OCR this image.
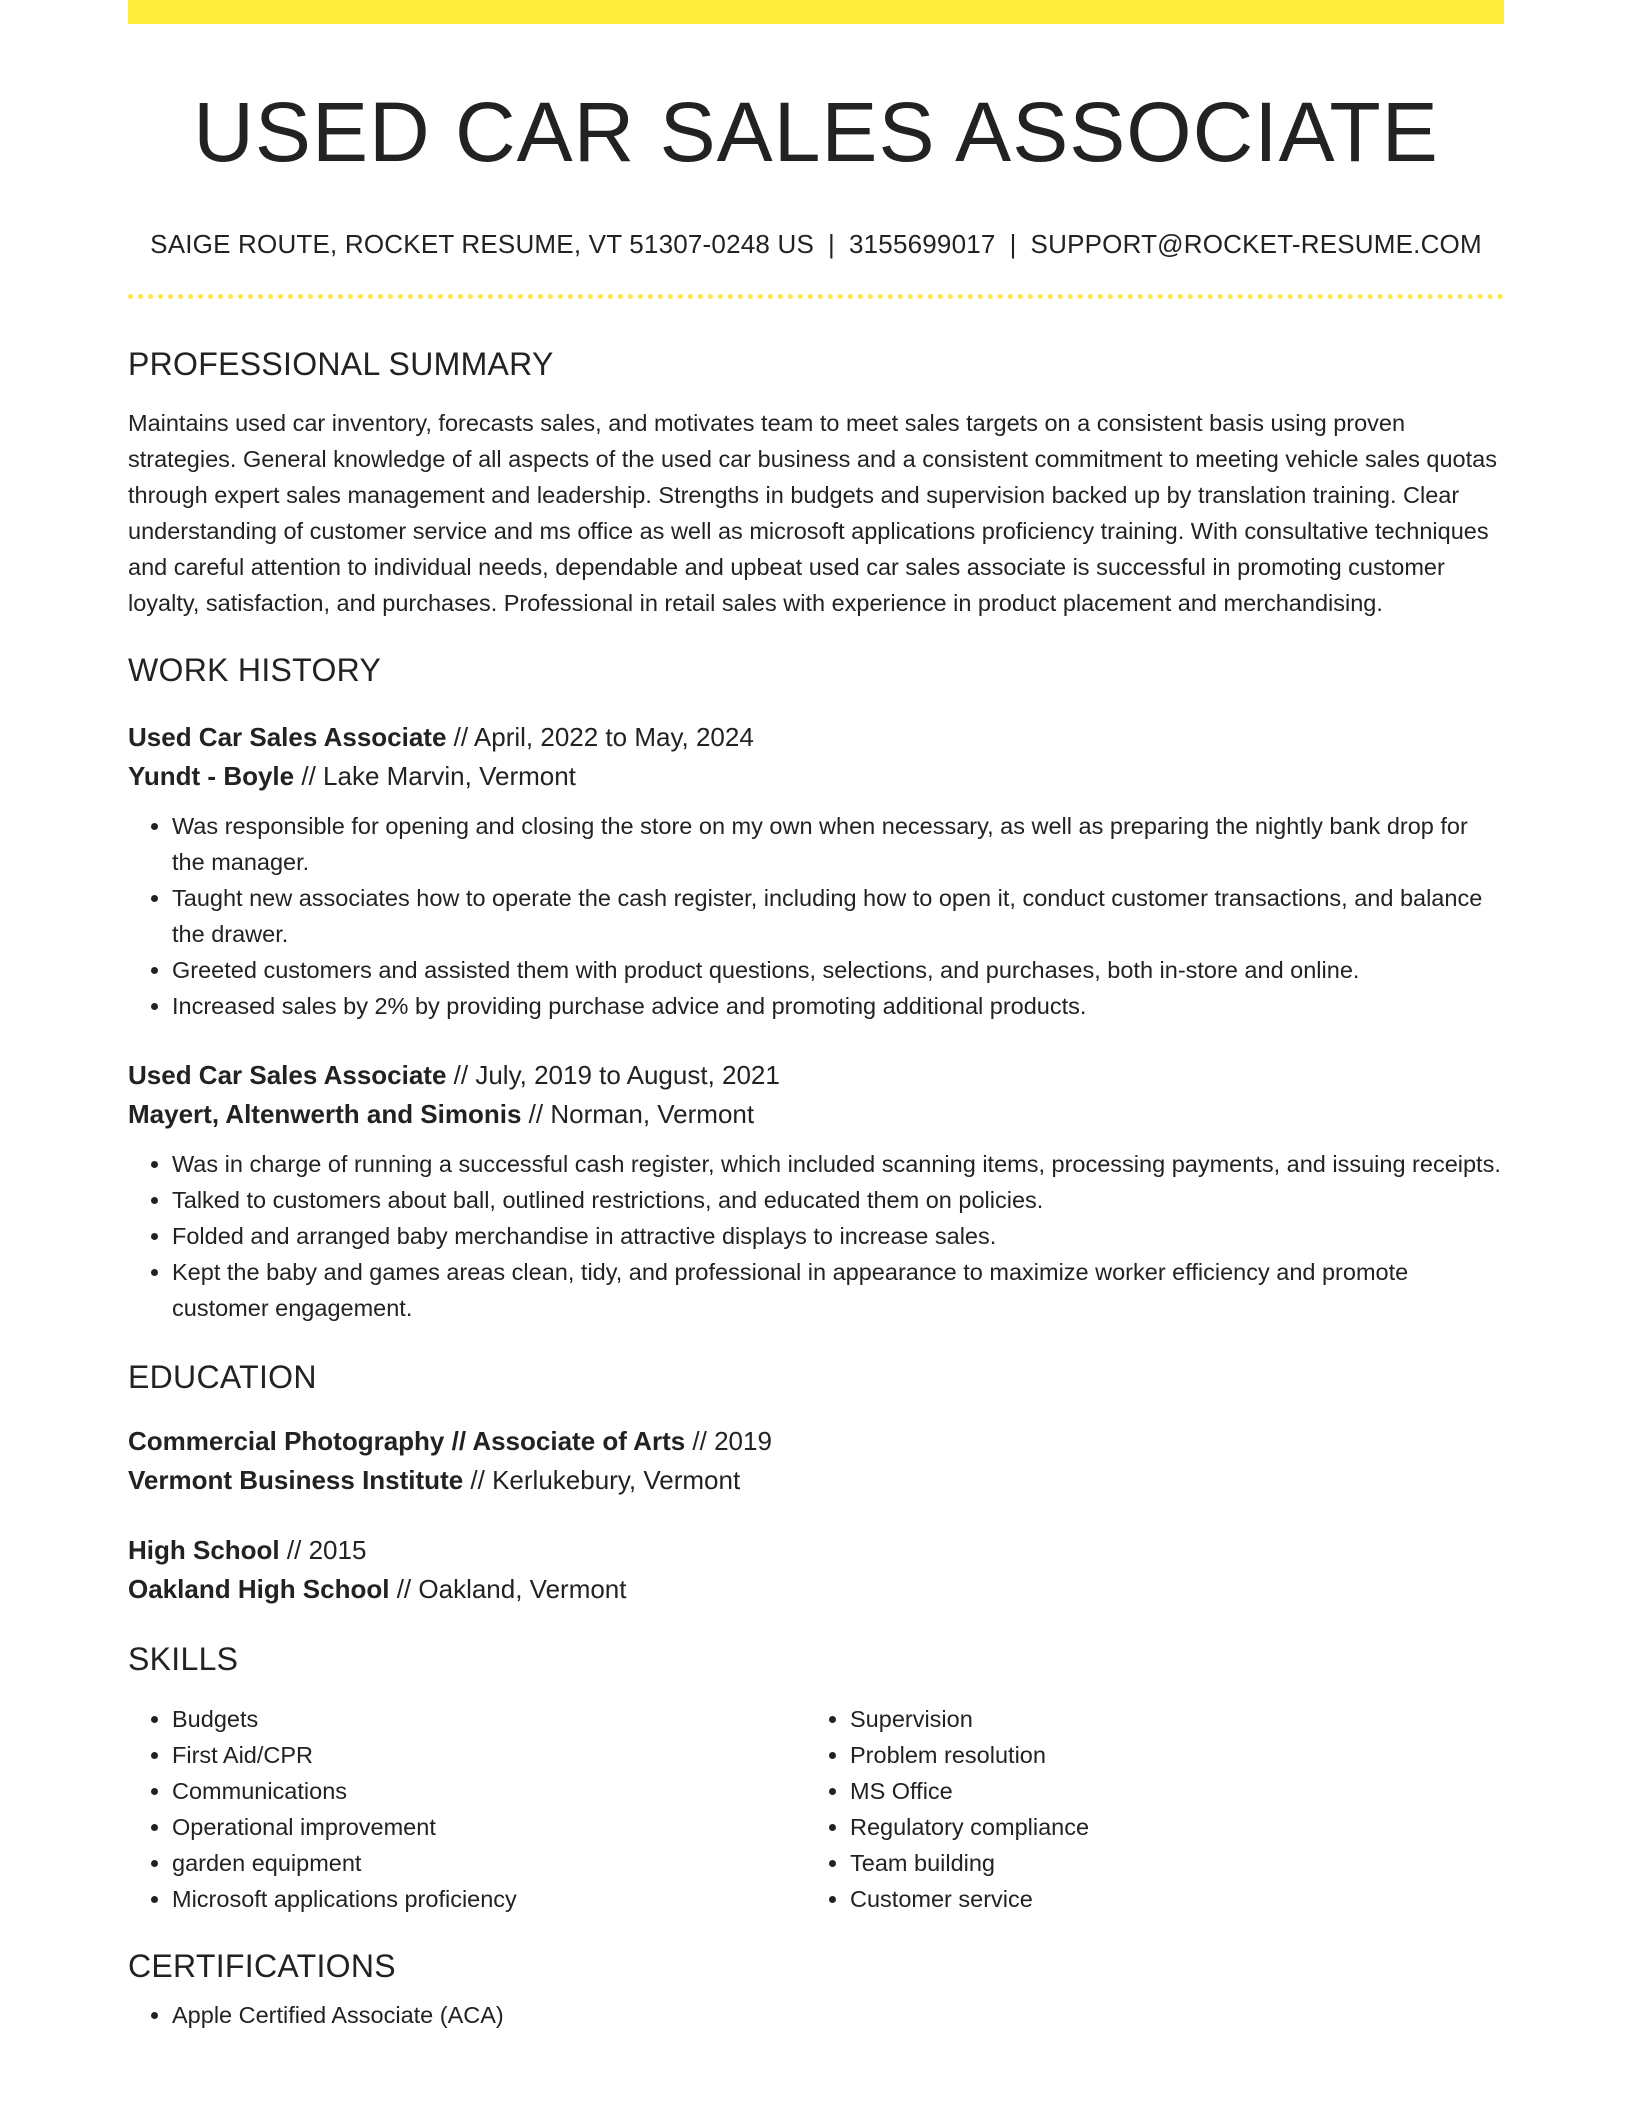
USED CAR SALES ASSOCIATE
SAIGE ROUTE, ROCKET RESUME, VT 51307-0248 US | 3155699017 | SUPPORT@ROCKET-RESUME.COM
PROFESSIONAL SUMMARY

Maintains used car inventory, forecasts sales, and motivates team to meet sales targets on a consistent basis using proven strategies. General knowledge of all aspects of the used car business and a consistent commitment to meeting vehicle sales quotas through expert sales management and leadership. Strengths in budgets and supervision backed up by translation training. Clear understanding of customer service and ms office as well as microsoft applications proficiency training. With consultative techniques and careful attention to individual needs, dependable and upbeat used car sales associate is successful in promoting customer loyalty, satisfaction, and purchases. Professional in retail sales with experience in product placement and merchandising.

WORK HISTORY
Used Car Sales Associate // April, 2022 to May, 2024
Yundt - Boyle // Lake Marvin, Vermont
• Was responsible for opening and closing the store on my own when necessary, as well as preparing the nightly bank drop for the manager.
• Taught new associates how to operate the cash register, including how to open it, conduct customer transactions, and balance the drawer.
• Greeted customers and assisted them with product questions, selections, and purchases, both in-store and online.
• Increased sales by 2% by providing purchase advice and promoting additional products.
Used Car Sales Associate // July, 2019 to August, 2021
Mayert, Altenwerth and Simonis // Norman, Vermont
• Was in charge of running a successful cash register, which included scanning items, processing payments, and issuing receipts.
• Talked to customers about ball, outlined restrictions, and educated them on policies.
• Folded and arranged baby merchandise in attractive displays to increase sales.
• Kept the baby and games areas clean, tidy, and professional in appearance to maximize worker efficiency and promote customer engagement.
EDUCATION
Commercial Photography // Associate of Arts // 2019
Vermont Business Institute // Kerlukebury, Vermont
High School // 2015
Oakland High School // Oakland, Vermont
SKILLS
• Budgets
• First Aid/CPR
• Communications
• Operational improvement
• garden equipment
• Microsoft applications proficiency
• Supervision
• Problem resolution
• MS Office
• Regulatory compliance
• Team building
• Customer service
CERTIFICATIONS
• Apple Certified Associate (ACA)
